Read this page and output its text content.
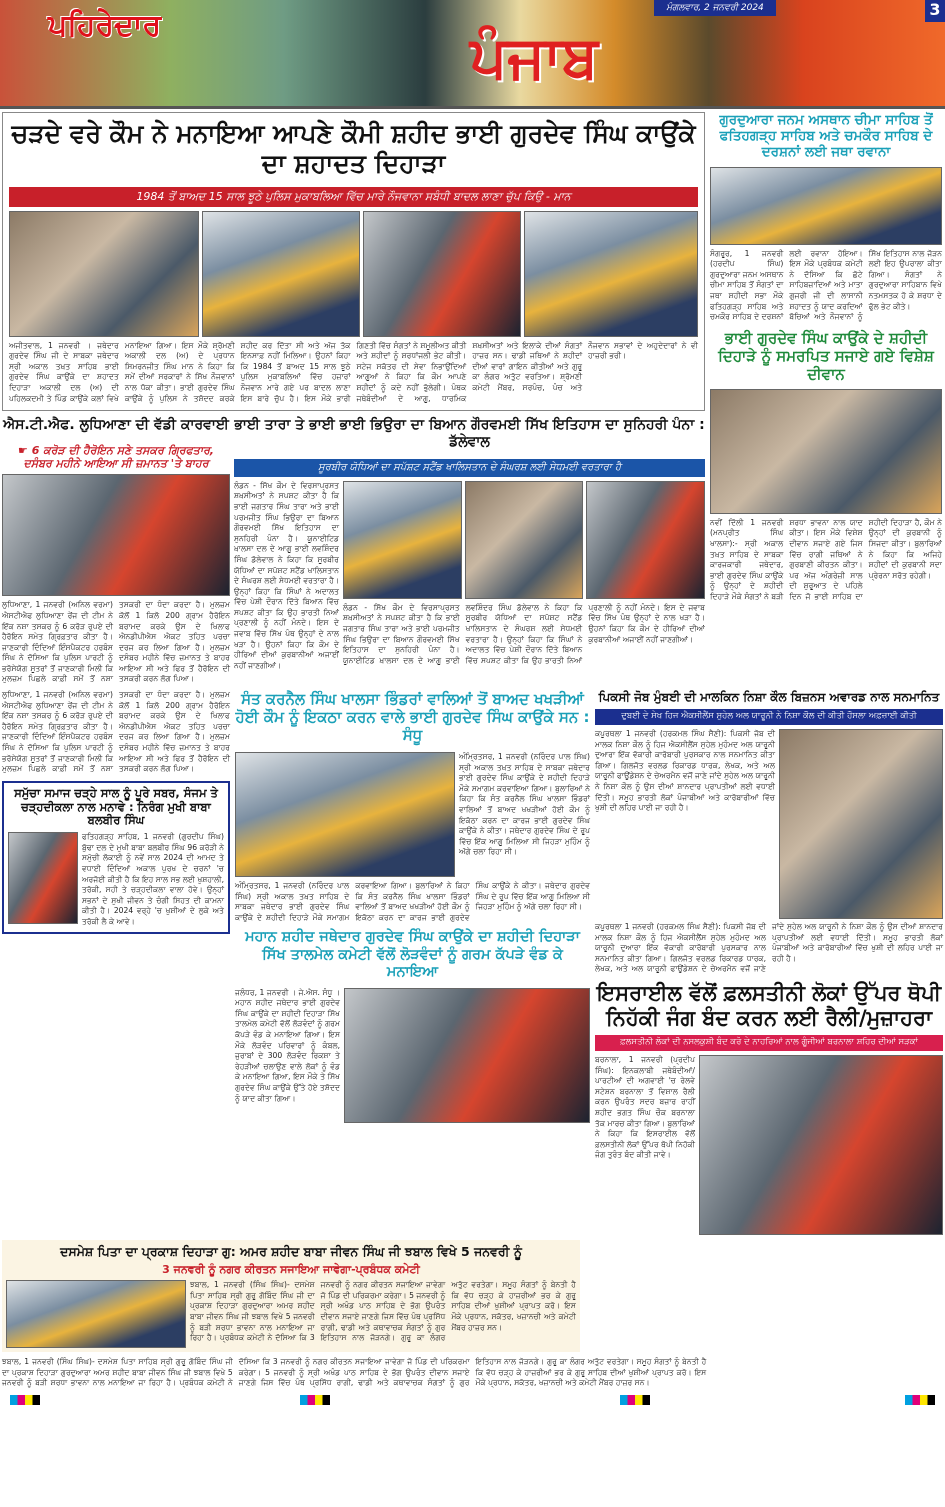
ਪਹਿਰੇਦਾਰ	ਪੰਜਾਬ
ਮੰਗਲਵਾਰ, 2 ਜਨਵਰੀ 2024	3
ਚੜਦੇ ਵਰੇ ਕੌਮ ਨੇ ਮਨਾਇਆ ਆਪਣੇ ਕੌਮੀ ਸ਼ਹੀਦ ਭਾਈ ਗੁਰਦੇਵ ਸਿੰਘ ਕਾਉਂਕੇ ਦਾ ਸ਼ਹਾਦਤ ਦਿਹਾੜਾ
1984 ਤੋਂ ਬਾਅਦ 15 ਸਾਲ ਝੂਠੇ ਪੁਲਿਸ ਮੁਕਾਬਲਿਆ ਵਿੱਚ ਮਾਰੇ ਨੌਜਵਾਨਾ ਸਬੰਧੀ ਬਾਦਲ ਲਾਣਾ ਚੁੱਪ ਕਿਉ - ਮਾਨ
ਅਜੀਤਵਾਲ, 1 ਜਨਵਰੀ । ਜਥੇਦਾਰ ਗੁਰਦੇਵ ਸਿੰਘ ਜੀ ਦੇ ਸਾਬਕਾ ਜਥੇਦਾਰ ਸ੍ਰੀ ਅਕਾਲ ਤਖ਼ਤ ਸਾਹਿਬ ਭਾਈ ਗੁਰਦੇਵ ਸਿੰਘ ਕਾਉਂਕੇ ਦਾ ਸ਼ਹਾਦਤ ਦਿਹਾੜਾ ਅਕਾਲੀ ਦਲ (ਅ) ਦੀ ਪਹਿਲਕਦਮੀ ਤੇ ਪਿੰਡ ਕਾਉਂਕੇ ਕਲਾਂ ਵਿਖੇ ਮਨਾਇਆ ਗਿਆ। ਇਸ ਮੌਕੇ ਸ਼੍ਰੋਮਣੀ ਅਕਾਲੀ ਦਲ (ਅ) ਦੇ ਪ੍ਰਧਾਨ ਸਿਮਰਨਜੀਤ ਸਿੰਘ ਮਾਨ ਨੇ ਕਿਹਾ ਕਿ ਸਮੇਂ ਦੀਆਂ ਸਰਕਾਰਾਂ ਨੇ ਸਿੱਖ ਨੌਜਵਾਨਾਂ ਨਾਲ ਧੱਕਾ ਕੀਤਾ। ਭਾਈ ਗੁਰਦੇਵ ਸਿੰਘ ਕਾਉਂਕੇ ਨੂੰ ਪੁਲਿਸ ਨੇ ਤਸ਼ੱਦਦ ਕਰਕੇ ਸ਼ਹੀਦ ਕਰ ਦਿੱਤਾ ਸੀ ਅਤੇ ਅੱਜ ਤੱਕ ਇਨਸਾਫ਼ ਨਹੀਂ ਮਿਲਿਆ। ਉਹਨਾਂ ਕਿਹਾ ਕਿ 1984 ਤੋਂ ਬਾਅਦ 15 ਸਾਲ ਝੂਠੇ ਪੁਲਿਸ ਮੁਕਾਬਲਿਆਂ ਵਿੱਚ ਹਜ਼ਾਰਾਂ ਨੌਜਵਾਨ ਮਾਰੇ ਗਏ ਪਰ ਬਾਦਲ ਲਾਣਾ ਇਸ ਬਾਰੇ ਚੁੱਪ ਹੈ। ਇਸ ਮੌਕੇ ਭਾਰੀ ਗਿਣਤੀ ਵਿੱਚ ਸੰਗਤਾਂ ਨੇ ਸ਼ਮੂਲੀਅਤ ਕੀਤੀ ਅਤੇ ਸ਼ਹੀਦਾਂ ਨੂੰ ਸ਼ਰਧਾਂਜਲੀ ਭੇਟ ਕੀਤੀ। ਸਟੇਜ ਸਕੱਤਰ ਦੀ ਸੇਵਾ ਨਿਭਾਉਂਦਿਆਂ ਆਗੂਆਂ ਨੇ ਕਿਹਾ ਕਿ ਕੌਮ ਆਪਣੇ ਸ਼ਹੀਦਾਂ ਨੂੰ ਕਦੇ ਨਹੀਂ ਭੁੱਲੇਗੀ। ਪੰਥਕ ਜਥੇਬੰਦੀਆਂ ਦੇ ਆਗੂ, ਧਾਰਮਿਕ ਸ਼ਖ਼ਸੀਅਤਾਂ ਅਤੇ ਇਲਾਕੇ ਦੀਆਂ ਸੰਗਤਾਂ ਹਾਜ਼ਰ ਸਨ। ਢਾਡੀ ਜਥਿਆਂ ਨੇ ਸ਼ਹੀਦਾਂ ਦੀਆਂ ਵਾਰਾਂ ਗਾਇਨ ਕੀਤੀਆਂ ਅਤੇ ਗੁਰੂ ਕਾ ਲੰਗਰ ਅਤੁੱਟ ਵਰਤਿਆ। ਸ਼੍ਰੋਮਣੀ ਕਮੇਟੀ ਮੈਂਬਰ, ਸਰਪੰਚ, ਪੰਚ ਅਤੇ ਨੌਜਵਾਨ ਸਭਾਵਾਂ ਦੇ ਅਹੁਦੇਦਾਰਾਂ ਨੇ ਵੀ ਹਾਜ਼ਰੀ ਭਰੀ।
ਐਸ.ਟੀ.ਐਫ. ਲੁਧਿਆਣਾ ਦੀ ਵੱਡੀ ਕਾਰਵਾਈ
☛ 6 ਕਰੋੜ ਦੀ ਹੈਰੋਇਨ ਸਣੇ ਤਸਕਰ ਗ੍ਰਿਫਤਾਰ, ਦਸੰਬਰ ਮਹੀਨੇ ਆਇਆ ਸੀ ਜ਼ਮਾਨਤ 'ਤੇ ਬਾਹਰ
ਲੁਧਿਆਣਾ, 1 ਜਨਵਰੀ (ਅਨਿਲ ਵਰਮਾ) ਐਸਟੀਐਫ ਲੁਧਿਆਣਾ ਰੇਂਜ ਦੀ ਟੀਮ ਨੇ ਇੱਕ ਨਸ਼ਾ ਤਸਕਰ ਨੂੰ 6 ਕਰੋੜ ਰੁਪਏ ਦੀ ਹੈਰੋਇਨ ਸਮੇਤ ਗ੍ਰਿਫ਼ਤਾਰ ਕੀਤਾ ਹੈ। ਜਾਣਕਾਰੀ ਦਿੰਦਿਆਂ ਇੰਸਪੈਕਟਰ ਹਰਬੰਸ ਸਿੰਘ ਨੇ ਦੱਸਿਆ ਕਿ ਪੁਲਿਸ ਪਾਰਟੀ ਨੂੰ ਭਰੋਸੇਯੋਗ ਸੂਤਰਾਂ ਤੋਂ ਜਾਣਕਾਰੀ ਮਿਲੀ ਕਿ ਮੁਲਜ਼ਮ ਪਿਛਲੇ ਕਾਫ਼ੀ ਸਮੇਂ ਤੋਂ ਨਸ਼ਾ ਤਸਕਰੀ ਦਾ ਧੰਦਾ ਕਰਦਾ ਹੈ। ਮੁਲਜ਼ਮ ਕੋਲੋਂ 1 ਕਿਲੋ 200 ਗ੍ਰਾਮ ਹੈਰੋਇਨ ਬਰਾਮਦ ਕਰਕੇ ਉਸ ਦੇ ਖਿਲਾਫ ਐਨਡੀਪੀਐਸ ਐਕਟ ਤਹਿਤ ਪਰਚਾ ਦਰਜ ਕਰ ਲਿਆ ਗਿਆ ਹੈ। ਮੁਲਜ਼ਮ ਦਸੰਬਰ ਮਹੀਨੇ ਵਿੱਚ ਜ਼ਮਾਨਤ ਤੇ ਬਾਹਰ ਆਇਆ ਸੀ ਅਤੇ ਫਿਰ ਤੋਂ ਹੈਰੋਇਨ ਦੀ ਤਸਕਰੀ ਕਰਨ ਲੱਗ ਪਿਆ।
ਭਾਈ ਤਾਰਾ ਤੇ ਭਾਈ ਭਾਈ ਭਿਉਰਾ ਦਾ ਬਿਆਨ ਗੌਰਵਮਈ ਸਿੱਖ ਇਤਿਹਾਸ ਦਾ ਸੁਨਿਹਰੀ ਪੰਨਾ : ਡੱਲੇਵਾਲ
ਸੂਰਬੀਰ ਯੋਧਿਆਂ ਦਾ ਸਪੱਸ਼ਟ ਸਟੈਂਡ ਖਾਲਿਸਤਾਨ ਦੇ ਸੰਘਰਸ਼ ਲਈ ਸੇਧਮਈ ਵਰਤਾਰਾ ਹੈ
ਲੰਡਨ - ਸਿੱਖ ਕੌਮ ਦੇ ਵਿਰਸਾਪ੍ਰਸਤ ਸ਼ਖ਼ਸੀਅਤਾਂ ਨੇ ਸਪਸ਼ਟ ਕੀਤਾ ਹੈ ਕਿ ਭਾਈ ਜਗਤਾਰ ਸਿੰਘ ਤਾਰਾ ਅਤੇ ਭਾਈ ਪਰਮਜੀਤ ਸਿੰਘ ਭਿਉਰਾ ਦਾ ਬਿਆਨ ਗੌਰਵਮਈ ਸਿੱਖ ਇਤਿਹਾਸ ਦਾ ਸੁਨਹਿਰੀ ਪੰਨਾ ਹੈ। ਯੂਨਾਈਟਿਡ ਖ਼ਾਲਸਾ ਦਲ ਦੇ ਆਗੂ ਭਾਈ ਲਵਸ਼ਿੰਦਰ ਸਿੰਘ ਡੱਲੇਵਾਲ ਨੇ ਕਿਹਾ ਕਿ ਸੂਰਬੀਰ ਯੋਧਿਆਂ ਦਾ ਸਪੱਸ਼ਟ ਸਟੈਂਡ ਖਾਲਿਸਤਾਨ ਦੇ ਸੰਘਰਸ਼ ਲਈ ਸੇਧਮਈ ਵਰਤਾਰਾ ਹੈ। ਉਨ੍ਹਾਂ ਕਿਹਾ ਕਿ ਸਿੰਘਾਂ ਨੇ ਅਦਾਲਤ ਵਿੱਚ ਪੇਸ਼ੀ ਦੌਰਾਨ ਦਿੱਤੇ ਬਿਆਨ ਵਿੱਚ ਸਪਸ਼ਟ ਕੀਤਾ ਕਿ ਉਹ ਭਾਰਤੀ ਨਿਆਂ ਪ੍ਰਣਾਲੀ ਨੂੰ ਨਹੀਂ ਮੰਨਦੇ। ਇਸ ਦੇ ਜਵਾਬ ਵਿੱਚ ਸਿੱਖ ਪੰਥ ਉਨ੍ਹਾਂ ਦੇ ਨਾਲ ਖੜਾ ਹੈ। ਉਹਨਾਂ ਕਿਹਾ ਕਿ ਕੌਮ ਦੇ ਹੀਰਿਆਂ ਦੀਆਂ ਕੁਰਬਾਨੀਆਂ ਅਜਾਈਂ ਨਹੀਂ ਜਾਣਗੀਆਂ।
ਲੰਡਨ - ਸਿੱਖ ਕੌਮ ਦੇ ਵਿਰਸਾਪ੍ਰਸਤ ਸ਼ਖ਼ਸੀਅਤਾਂ ਨੇ ਸਪਸ਼ਟ ਕੀਤਾ ਹੈ ਕਿ ਭਾਈ ਜਗਤਾਰ ਸਿੰਘ ਤਾਰਾ ਅਤੇ ਭਾਈ ਪਰਮਜੀਤ ਸਿੰਘ ਭਿਉਰਾ ਦਾ ਬਿਆਨ ਗੌਰਵਮਈ ਸਿੱਖ ਇਤਿਹਾਸ ਦਾ ਸੁਨਹਿਰੀ ਪੰਨਾ ਹੈ। ਯੂਨਾਈਟਿਡ ਖ਼ਾਲਸਾ ਦਲ ਦੇ ਆਗੂ ਭਾਈ ਲਵਸ਼ਿੰਦਰ ਸਿੰਘ ਡੱਲੇਵਾਲ ਨੇ ਕਿਹਾ ਕਿ ਸੂਰਬੀਰ ਯੋਧਿਆਂ ਦਾ ਸਪੱਸ਼ਟ ਸਟੈਂਡ ਖਾਲਿਸਤਾਨ ਦੇ ਸੰਘਰਸ਼ ਲਈ ਸੇਧਮਈ ਵਰਤਾਰਾ ਹੈ। ਉਨ੍ਹਾਂ ਕਿਹਾ ਕਿ ਸਿੰਘਾਂ ਨੇ ਅਦਾਲਤ ਵਿੱਚ ਪੇਸ਼ੀ ਦੌਰਾਨ ਦਿੱਤੇ ਬਿਆਨ ਵਿੱਚ ਸਪਸ਼ਟ ਕੀਤਾ ਕਿ ਉਹ ਭਾਰਤੀ ਨਿਆਂ ਪ੍ਰਣਾਲੀ ਨੂੰ ਨਹੀਂ ਮੰਨਦੇ। ਇਸ ਦੇ ਜਵਾਬ ਵਿੱਚ ਸਿੱਖ ਪੰਥ ਉਨ੍ਹਾਂ ਦੇ ਨਾਲ ਖੜਾ ਹੈ। ਉਹਨਾਂ ਕਿਹਾ ਕਿ ਕੌਮ ਦੇ ਹੀਰਿਆਂ ਦੀਆਂ ਕੁਰਬਾਨੀਆਂ ਅਜਾਈਂ ਨਹੀਂ ਜਾਣਗੀਆਂ।
ਗੁਰਦੁਆਰਾ ਜਨਮ ਅਸਥਾਨ ਚੀਮਾ ਸਾਹਿਬ ਤੋਂ ਫਤਿਹਗੜ੍ਹ ਸਾਹਿਬ ਅਤੇ ਚਮਕੌਰ ਸਾਹਿਬ ਦੇ ਦਰਸ਼ਨਾਂ ਲਈ ਜਥਾ ਰਵਾਨਾ
ਸੰਗਰੂਰ, 1 ਜਨਵਰੀ (ਹਰਦੀਪ ਸਿੰਘ) ਗੁਰਦੁਆਰਾ ਜਨਮ ਅਸਥਾਨ ਚੀਮਾ ਸਾਹਿਬ ਤੋਂ ਸੰਗਤਾਂ ਦਾ ਜਥਾ ਸ਼ਹੀਦੀ ਸਭਾ ਮੌਕੇ ਫਤਿਹਗੜ੍ਹ ਸਾਹਿਬ ਅਤੇ ਚਮਕੌਰ ਸਾਹਿਬ ਦੇ ਦਰਸ਼ਨਾਂ ਲਈ ਰਵਾਨਾ ਹੋਇਆ। ਇਸ ਮੌਕੇ ਪ੍ਰਬੰਧਕ ਕਮੇਟੀ ਨੇ ਦੱਸਿਆ ਕਿ ਛੋਟੇ ਸਾਹਿਬਜ਼ਾਦਿਆਂ ਅਤੇ ਮਾਤਾ ਗੁਜਰੀ ਜੀ ਦੀ ਲਾਸਾਨੀ ਸ਼ਹਾਦਤ ਨੂੰ ਯਾਦ ਕਰਦਿਆਂ ਬੱਚਿਆਂ ਅਤੇ ਨੌਜਵਾਨਾਂ ਨੂੰ ਸਿੱਖ ਇਤਿਹਾਸ ਨਾਲ ਜੋੜਨ ਲਈ ਇਹ ਉਪਰਾਲਾ ਕੀਤਾ ਗਿਆ। ਸੰਗਤਾਂ ਨੇ ਗੁਰਦੁਆਰਾ ਸਾਹਿਬਾਨ ਵਿਖੇ ਨਤਮਸਤਕ ਹੋ ਕੇ ਸ਼ਰਧਾ ਦੇ ਫੁੱਲ ਭੇਟ ਕੀਤੇ।
ਭਾਈ ਗੁਰਦੇਵ ਸਿੰਘ ਕਾਉਂਕੇ ਦੇ ਸ਼ਹੀਦੀ ਦਿਹਾੜੇ ਨੂੰ ਸਮਰਪਿਤ ਸਜਾਏ ਗਏ ਵਿਸ਼ੇਸ਼ ਦੀਵਾਨ
ਨਵੀਂ ਦਿੱਲੀ 1 ਜਨਵਰੀ (ਮਨਪ੍ਰੀਤ ਸਿੰਘ ਖਾਲਸਾ):- ਸ੍ਰੀ ਅਕਾਲ ਤਖ਼ਤ ਸਾਹਿਬ ਦੇ ਸਾਬਕਾ ਕਾਰਜਕਾਰੀ ਜਥੇਦਾਰ, ਭਾਈ ਗੁਰਦੇਵ ਸਿੰਘ ਕਾਉਂਕੇ ਨੂੰ ਉਨ੍ਹਾਂ ਦੇ ਸ਼ਹੀਦੀ ਦਿਹਾੜੇ ਮੌਕੇ ਸੰਗਤਾਂ ਨੇ ਬੜੀ ਸ਼ਰਧਾ ਭਾਵਨਾ ਨਾਲ ਯਾਦ ਕੀਤਾ। ਇਸ ਮੌਕੇ ਵਿਸ਼ੇਸ਼ ਦੀਵਾਨ ਸਜਾਏ ਗਏ ਜਿਸ ਵਿੱਚ ਰਾਗੀ ਜਥਿਆਂ ਨੇ ਗੁਰਬਾਣੀ ਕੀਰਤਨ ਕੀਤਾ। ਪਰ ਅੱਜ ਅੰਗਰੇਜ਼ੀ ਸਾਲ ਦੀ ਸ਼ੁਰੂਆਤ ਦੇ ਪਹਿਲੇ ਦਿਨ ਜੋ ਭਾਈ ਸਾਹਿਬ ਦਾ ਸ਼ਹੀਦੀ ਦਿਹਾੜਾ ਹੈ, ਕੌਮ ਨੇ ਉਨ੍ਹਾਂ ਦੀ ਕੁਰਬਾਨੀ ਨੂੰ ਸਿਜਦਾ ਕੀਤਾ। ਬੁਲਾਰਿਆਂ ਨੇ ਕਿਹਾ ਕਿ ਅਜਿਹੇ ਸ਼ਹੀਦਾਂ ਦੀ ਕੁਰਬਾਨੀ ਸਦਾ ਪ੍ਰੇਰਨਾ ਸਰੋਤ ਰਹੇਗੀ।
ਲੁਧਿਆਣਾ, 1 ਜਨਵਰੀ (ਅਨਿਲ ਵਰਮਾ) ਐਸਟੀਐਫ ਲੁਧਿਆਣਾ ਰੇਂਜ ਦੀ ਟੀਮ ਨੇ ਇੱਕ ਨਸ਼ਾ ਤਸਕਰ ਨੂੰ 6 ਕਰੋੜ ਰੁਪਏ ਦੀ ਹੈਰੋਇਨ ਸਮੇਤ ਗ੍ਰਿਫ਼ਤਾਰ ਕੀਤਾ ਹੈ। ਜਾਣਕਾਰੀ ਦਿੰਦਿਆਂ ਇੰਸਪੈਕਟਰ ਹਰਬੰਸ ਸਿੰਘ ਨੇ ਦੱਸਿਆ ਕਿ ਪੁਲਿਸ ਪਾਰਟੀ ਨੂੰ ਭਰੋਸੇਯੋਗ ਸੂਤਰਾਂ ਤੋਂ ਜਾਣਕਾਰੀ ਮਿਲੀ ਕਿ ਮੁਲਜ਼ਮ ਪਿਛਲੇ ਕਾਫ਼ੀ ਸਮੇਂ ਤੋਂ ਨਸ਼ਾ ਤਸਕਰੀ ਦਾ ਧੰਦਾ ਕਰਦਾ ਹੈ। ਮੁਲਜ਼ਮ ਕੋਲੋਂ 1 ਕਿਲੋ 200 ਗ੍ਰਾਮ ਹੈਰੋਇਨ ਬਰਾਮਦ ਕਰਕੇ ਉਸ ਦੇ ਖਿਲਾਫ ਐਨਡੀਪੀਐਸ ਐਕਟ ਤਹਿਤ ਪਰਚਾ ਦਰਜ ਕਰ ਲਿਆ ਗਿਆ ਹੈ। ਮੁਲਜ਼ਮ ਦਸੰਬਰ ਮਹੀਨੇ ਵਿੱਚ ਜ਼ਮਾਨਤ ਤੇ ਬਾਹਰ ਆਇਆ ਸੀ ਅਤੇ ਫਿਰ ਤੋਂ ਹੈਰੋਇਨ ਦੀ ਤਸਕਰੀ ਕਰਨ ਲੱਗ ਪਿਆ।
ਸਮੁੱਚਾ ਸਮਾਜ ਚੜ੍ਹੇ ਸਾਲ ਨੂੰ ਪੂਰੇ ਸਬਰ, ਸੰਜਮ ਤੇ ਚੜ੍ਹਦੀਕਲਾ ਨਾਲ ਮਨਾਵੇ : ਨਿਰੰਗ ਮੁਖੀ ਬਾਬਾ ਬਲਬੀਰ ਸਿੰਘ
ਫਤਿਹਗੜ੍ਹ ਸਾਹਿਬ, 1 ਜਨਵਰੀ (ਗੁਰਦੀਪ ਸਿੰਘ) ਬੁੱਢਾ ਦਲ ਦੇ ਮੁਖੀ ਬਾਬਾ ਬਲਬੀਰ ਸਿੰਘ 96 ਕਰੋੜੀ ਨੇ ਸਮੁੱਚੀ ਲੋਕਾਈ ਨੂੰ ਨਵੇਂ ਸਾਲ 2024 ਦੀ ਆਮਦ ਤੇ ਵਧਾਈ ਦਿੰਦਿਆਂ ਅਕਾਲ ਪੁਰਖ ਦੇ ਚਰਨਾਂ 'ਚ ਅਰਜੋਈ ਕੀਤੀ ਹੈ ਕਿ ਇਹ ਸਾਲ ਸਭ ਲਈ ਖੁਸ਼ਹਾਲੀ, ਤਰੱਕੀ, ਸਹੀ ਤੇ ਚੜ੍ਹਦੀਕਲਾ ਵਾਲਾ ਹੋਵੇ। ਉਨ੍ਹਾਂ ਸਭਨਾਂ ਦੇ ਸੁਖੀ ਜੀਵਨ ਤੇ ਚੰਗੀ ਸਿਹਤ ਦੀ ਕਾਮਨਾ ਕੀਤੀ ਹੈ। 2024 ਵਰ੍ਹੇ 'ਚ ਖੁਸ਼ੀਆਂ ਦੇ ਲੁਕੇ ਅਤੇ ਤਰੱਕੀ ਲੈ ਕੇ ਆਵੇ।
ਸੰਤ ਕਰਨੈਲ ਸਿੰਘ ਖਾਲਸਾ ਭਿੰਡਰਾਂ ਵਾਲਿਆਂ ਤੋਂ ਬਾਅਦ ਖਖੜੀਆਂ ਹੋਈ ਕੌਮ ਨੂੰ ਇਕਠਾ ਕਰਨ ਵਾਲੇ ਭਾਈ ਗੁਰਦੇਵ ਸਿੰਘ ਕਾਉਂਕੇ ਸਨ : ਸੰਧੂ
ਅੰਮ੍ਰਿਤਸਰ, 1 ਜਨਵਰੀ (ਨਰਿੰਦਰ ਪਾਲ ਸਿੰਘ) ਸ੍ਰੀ ਅਕਾਲ ਤਖ਼ਤ ਸਾਹਿਬ ਦੇ ਸਾਬਕਾ ਜਥੇਦਾਰ ਭਾਈ ਗੁਰਦੇਵ ਸਿੰਘ ਕਾਉਂਕੇ ਦੇ ਸ਼ਹੀਦੀ ਦਿਹਾੜੇ ਮੌਕੇ ਸਮਾਗਮ ਕਰਵਾਇਆ ਗਿਆ। ਬੁਲਾਰਿਆਂ ਨੇ ਕਿਹਾ ਕਿ ਸੰਤ ਕਰਨੈਲ ਸਿੰਘ ਖਾਲਸਾ ਭਿੰਡਰਾਂ ਵਾਲਿਆਂ ਤੋਂ ਬਾਅਦ ਖਖੜੀਆਂ ਹੋਈ ਕੌਮ ਨੂੰ ਇਕੱਠਾ ਕਰਨ ਦਾ ਕਾਰਜ ਭਾਈ ਗੁਰਦੇਵ ਸਿੰਘ ਕਾਉਂਕੇ ਨੇ ਕੀਤਾ। ਜਥੇਦਾਰ ਗੁਰਦੇਵ ਸਿੰਘ ਦੇ ਰੂਪ ਵਿੱਚ ਇੱਕ ਆਗੂ ਮਿਲਿਆ ਸੀ ਜਿਹੜਾ ਮੁਹਿੰਮ ਨੂੰ ਅੱਗੇ ਚਲਾ ਰਿਹਾ ਸੀ।
ਅੰਮ੍ਰਿਤਸਰ, 1 ਜਨਵਰੀ (ਨਰਿੰਦਰ ਪਾਲ ਸਿੰਘ) ਸ੍ਰੀ ਅਕਾਲ ਤਖ਼ਤ ਸਾਹਿਬ ਦੇ ਸਾਬਕਾ ਜਥੇਦਾਰ ਭਾਈ ਗੁਰਦੇਵ ਸਿੰਘ ਕਾਉਂਕੇ ਦੇ ਸ਼ਹੀਦੀ ਦਿਹਾੜੇ ਮੌਕੇ ਸਮਾਗਮ ਕਰਵਾਇਆ ਗਿਆ। ਬੁਲਾਰਿਆਂ ਨੇ ਕਿਹਾ ਕਿ ਸੰਤ ਕਰਨੈਲ ਸਿੰਘ ਖਾਲਸਾ ਭਿੰਡਰਾਂ ਵਾਲਿਆਂ ਤੋਂ ਬਾਅਦ ਖਖੜੀਆਂ ਹੋਈ ਕੌਮ ਨੂੰ ਇਕੱਠਾ ਕਰਨ ਦਾ ਕਾਰਜ ਭਾਈ ਗੁਰਦੇਵ ਸਿੰਘ ਕਾਉਂਕੇ ਨੇ ਕੀਤਾ। ਜਥੇਦਾਰ ਗੁਰਦੇਵ ਸਿੰਘ ਦੇ ਰੂਪ ਵਿੱਚ ਇੱਕ ਆਗੂ ਮਿਲਿਆ ਸੀ ਜਿਹੜਾ ਮੁਹਿੰਮ ਨੂੰ ਅੱਗੇ ਚਲਾ ਰਿਹਾ ਸੀ।
ਮਹਾਨ ਸ਼ਹੀਦ ਜਥੇਦਾਰ ਗੁਰਦੇਵ ਸਿੰਘ ਕਾਉਂਕੇ ਦਾ ਸ਼ਹੀਦੀ ਦਿਹਾੜਾ ਸਿੱਖ ਤਾਲਮੇਲ ਕਮੇਟੀ ਵੱਲੋਂ ਲੋੜਵੰਦਾਂ ਨੂੰ ਗਰਮ ਕੱਪੜੇ ਵੰਡ ਕੇ ਮਨਾਇਆ
ਜਲੰਧਰ, 1 ਜਨਵਰੀ । ਜੇ.ਐਸ. ਸੰਧੂ । ਮਹਾਨ ਸ਼ਹੀਦ ਜਥੇਦਾਰ ਭਾਈ ਗੁਰਦੇਵ ਸਿੰਘ ਕਾਉਂਕੇ ਦਾ ਸ਼ਹੀਦੀ ਦਿਹਾੜਾ ਸਿੱਖ ਤਾਲਮੇਲ ਕਮੇਟੀ ਵੱਲੋਂ ਲੋੜਵੰਦਾਂ ਨੂੰ ਗਰਮ ਕੱਪੜੇ ਵੰਡ ਕੇ ਮਨਾਇਆ ਗਿਆ। ਇਸ ਮੌਕੇ ਲੋੜਵੰਦ ਪਰਿਵਾਰਾਂ ਨੂੰ ਕੰਬਲ, ਜੁਰਾਬਾਂ ਦੇ 300 ਲੋੜਵੰਦ ਰਿਕਸ਼ਾ ਤੇ ਰੇਹੜੀਆਂ ਚਲਾਉਣ ਵਾਲੇ ਲੋਕਾਂ ਨੂੰ ਵੰਡ ਕੇ ਮਨਾਇਆ ਗਿਆ, ਇਸ ਮੌਕੇ ਤੇ ਸਿੱਖ ਗੁਰਦੇਵ ਸਿੰਘ ਕਾਉਂਕੇ ਉੱਤੇ ਹੋਏ ਤਸ਼ੱਦਦ ਨੂੰ ਯਾਦ ਕੀਤਾ ਗਿਆ।
ਪਿਕਸੀ ਜੋਬ ਮੁੰਬਈ ਦੀ ਮਾਲਕਿਨ ਨਿਸ਼ਾ ਕੌਲ ਬਿਜ਼ਨਸ ਅਵਾਰਡ ਨਾਲ ਸਨਮਾਨਿਤ
ਦੁਬਈ ਦੇ ਸੇਖ ਹਿਜ ਐਕਸੀਲੈਂਸ ਸੁਹੇਲ ਅਲ ਯਾਰੂਨੀ ਨੇ ਨਿਸ਼ਾ ਕੌਲ ਦੀ ਕੀਤੀ ਹੌਸਲਾ ਅਫ਼ਜ਼ਾਈ ਕੀਤੀ
ਕਪੂਰਥਲਾ 1 ਜਨਵਰੀ (ਹਰਕਮਲ ਸਿੰਘ ਸੈਣੀ): ਪਿਕਸੀ ਜੋਬ ਦੀ ਮਾਲਕ ਨਿਸ਼ਾ ਕੌਲ ਨੂੰ ਹਿਜ ਐਕਸੀਲੈਂਸ ਸੁਹੇਲ ਮੁਹੰਮਦ ਅਲ ਯਾਰੂਨੀ ਦੁਆਰਾ ਇੱਕ ਵੱਕਾਰੀ ਕਾਰੋਬਾਰੀ ਪੁਰਸਕਾਰ ਨਾਲ ਸਨਮਾਨਿਤ ਕੀਤਾ ਗਿਆ। ਗਿਲਜੋਤ ਵਰਲਡ ਰਿਕਾਰਡ ਧਾਰਕ, ਲੇਖਕ, ਅਤੇ ਅਲ ਯਾਰੂਨੀ ਫਾਊਂਡੇਸ਼ਨ ਦੇ ਚੇਅਰਮੈਨ ਵਜੋਂ ਜਾਣੇ ਜਾਂਦੇ ਸੁਹੇਲ ਅਲ ਯਾਰੂਨੀ ਨੇ ਨਿਸ਼ਾ ਕੌਲ ਨੂੰ ਉਸ ਦੀਆਂ ਸ਼ਾਨਦਾਰ ਪ੍ਰਾਪਤੀਆਂ ਲਈ ਵਧਾਈ ਦਿੱਤੀ। ਸਮੂਹ ਭਾਰਤੀ ਲੋਕਾਂ ਪੰਜਾਬੀਆਂ ਅਤੇ ਕਾਰੋਬਾਰੀਆਂ ਵਿੱਚ ਖੁਸ਼ੀ ਦੀ ਲਹਿਰ ਪਾਈ ਜਾ ਰਹੀ ਹੈ।
ਕਪੂਰਥਲਾ 1 ਜਨਵਰੀ (ਹਰਕਮਲ ਸਿੰਘ ਸੈਣੀ): ਪਿਕਸੀ ਜੋਬ ਦੀ ਮਾਲਕ ਨਿਸ਼ਾ ਕੌਲ ਨੂੰ ਹਿਜ ਐਕਸੀਲੈਂਸ ਸੁਹੇਲ ਮੁਹੰਮਦ ਅਲ ਯਾਰੂਨੀ ਦੁਆਰਾ ਇੱਕ ਵੱਕਾਰੀ ਕਾਰੋਬਾਰੀ ਪੁਰਸਕਾਰ ਨਾਲ ਸਨਮਾਨਿਤ ਕੀਤਾ ਗਿਆ। ਗਿਲਜੋਤ ਵਰਲਡ ਰਿਕਾਰਡ ਧਾਰਕ, ਲੇਖਕ, ਅਤੇ ਅਲ ਯਾਰੂਨੀ ਫਾਊਂਡੇਸ਼ਨ ਦੇ ਚੇਅਰਮੈਨ ਵਜੋਂ ਜਾਣੇ ਜਾਂਦੇ ਸੁਹੇਲ ਅਲ ਯਾਰੂਨੀ ਨੇ ਨਿਸ਼ਾ ਕੌਲ ਨੂੰ ਉਸ ਦੀਆਂ ਸ਼ਾਨਦਾਰ ਪ੍ਰਾਪਤੀਆਂ ਲਈ ਵਧਾਈ ਦਿੱਤੀ। ਸਮੂਹ ਭਾਰਤੀ ਲੋਕਾਂ ਪੰਜਾਬੀਆਂ ਅਤੇ ਕਾਰੋਬਾਰੀਆਂ ਵਿੱਚ ਖੁਸ਼ੀ ਦੀ ਲਹਿਰ ਪਾਈ ਜਾ ਰਹੀ ਹੈ।
ਇਸਰਾਈਲ ਵੱਲੋਂ ਫ਼ਲਸਤੀਨੀ ਲੋਕਾਂ ਉੱਪਰ ਥੋਪੀ ਨਿਹੱਕੀ ਜੰਗ ਬੰਦ ਕਰਨ ਲਈ ਰੈਲੀ/ਮੁਜ਼ਾਹਰਾ
ਫ਼ਲਸਤੀਨੀ ਲੋਕਾਂ ਦੀ ਨਸਲਕੁਸ਼ੀ ਬੰਦ ਕਰੋ ਦੇ ਨਾਹਰਿਆਂ ਨਾਲ ਗੂੰਜੀਆਂ ਬਰਨਾਲਾ ਸ਼ਹਿਰ ਦੀਆਂ ਸੜਕਾਂ
ਬਰਨਾਲਾ, 1 ਜਨਵਰੀ (ਪ੍ਰਦੀਪ ਸਿੰਘ): ਇਨਕਲਾਬੀ ਜਥੇਬੰਦੀਆਂ/ਪਾਰਟੀਆਂ ਦੀ ਅਗਵਾਈ 'ਚ ਰੇਲਵੇ ਸਟੇਸ਼ਨ ਬਰਨਾਲਾ ਤੋਂ ਵਿਸ਼ਾਲ ਰੈਲੀ ਕਰਨ ਉਪਰੰਤ ਸਦਰ ਬਜ਼ਾਰ ਰਾਹੀਂ ਸ਼ਹੀਦ ਭਗਤ ਸਿੰਘ ਚੌਕ ਬਰਨਾਲਾ ਤੱਕ ਮਾਰਚ ਕੀਤਾ ਗਿਆ। ਬੁਲਾਰਿਆਂ ਨੇ ਕਿਹਾ ਕਿ ਇਸਰਾਈਲ ਵੱਲੋਂ ਫ਼ਲਸਤੀਨੀ ਲੋਕਾਂ ਉੱਪਰ ਥੋਪੀ ਨਿਹੱਕੀ ਜੰਗ ਤੁਰੰਤ ਬੰਦ ਕੀਤੀ ਜਾਵੇ।
ਦਸਮੇਸ਼ ਪਿਤਾ ਦਾ ਪ੍ਰਕਾਸ਼ ਦਿਹਾੜਾ ਗੁ: ਅਮਰ ਸ਼ਹੀਦ ਬਾਬਾ ਜੀਵਨ ਸਿੰਘ ਜੀ ਝਬਾਲ ਵਿਖੇ 5 ਜਨਵਰੀ ਨੂੰ
3 ਜਨਵਰੀ ਨੂੰ ਨਗਰ ਕੀਰਤਨ ਸਜਾਇਆ ਜਾਵੇਗਾ-ਪ੍ਰਬੰਧਕ ਕਮੇਟੀ
ਝਬਾਲ, 1 ਜਨਵਰੀ (ਸਿੰਘ ਸਿੰਘ)- ਦਸਮੇਸ਼ ਪਿਤਾ ਸਾਹਿਬ ਸ੍ਰੀ ਗੁਰੂ ਗੋਬਿੰਦ ਸਿੰਘ ਜੀ ਦਾ ਪ੍ਰਕਾਸ਼ ਦਿਹਾੜਾ ਗੁਰਦੁਆਰਾ ਅਮਰ ਸ਼ਹੀਦ ਬਾਬਾ ਜੀਵਨ ਸਿੰਘ ਜੀ ਝਬਾਲ ਵਿਖੇ 5 ਜਨਵਰੀ ਨੂੰ ਬੜੀ ਸ਼ਰਧਾ ਭਾਵਨਾ ਨਾਲ ਮਨਾਇਆ ਜਾ ਰਿਹਾ ਹੈ। ਪ੍ਰਬੰਧਕ ਕਮੇਟੀ ਨੇ ਦੱਸਿਆ ਕਿ 3 ਜਨਵਰੀ ਨੂੰ ਨਗਰ ਕੀਰਤਨ ਸਜਾਇਆ ਜਾਵੇਗਾ ਜੋ ਪਿੰਡ ਦੀ ਪਰਿਕਰਮਾ ਕਰੇਗਾ। 5 ਜਨਵਰੀ ਨੂੰ ਸ੍ਰੀ ਅਖੰਡ ਪਾਠ ਸਾਹਿਬ ਦੇ ਭੋਗ ਉਪਰੰਤ ਦੀਵਾਨ ਸਜਾਏ ਜਾਣਗੇ ਜਿਸ ਵਿੱਚ ਪੰਥ ਪ੍ਰਸਿੱਧ ਰਾਗੀ, ਢਾਡੀ ਅਤੇ ਕਥਾਵਾਚਕ ਸੰਗਤਾਂ ਨੂੰ ਗੁਰ ਇਤਿਹਾਸ ਨਾਲ ਜੋੜਨਗੇ। ਗੁਰੂ ਕਾ ਲੰਗਰ ਅਤੁੱਟ ਵਰਤੇਗਾ। ਸਮੂਹ ਸੰਗਤਾਂ ਨੂੰ ਬੇਨਤੀ ਹੈ ਕਿ ਵੱਧ ਚੜ੍ਹ ਕੇ ਹਾਜ਼ਰੀਆਂ ਭਰ ਕੇ ਗੁਰੂ ਸਾਹਿਬ ਦੀਆਂ ਖੁਸ਼ੀਆਂ ਪ੍ਰਾਪਤ ਕਰੋ। ਇਸ ਮੌਕੇ ਪ੍ਰਧਾਨ, ਸਕੱਤਰ, ਖਜ਼ਾਨਚੀ ਅਤੇ ਕਮੇਟੀ ਮੈਂਬਰ ਹਾਜ਼ਰ ਸਨ।
ਝਬਾਲ, 1 ਜਨਵਰੀ (ਸਿੰਘ ਸਿੰਘ)- ਦਸਮੇਸ਼ ਪਿਤਾ ਸਾਹਿਬ ਸ੍ਰੀ ਗੁਰੂ ਗੋਬਿੰਦ ਸਿੰਘ ਜੀ ਦਾ ਪ੍ਰਕਾਸ਼ ਦਿਹਾੜਾ ਗੁਰਦੁਆਰਾ ਅਮਰ ਸ਼ਹੀਦ ਬਾਬਾ ਜੀਵਨ ਸਿੰਘ ਜੀ ਝਬਾਲ ਵਿਖੇ 5 ਜਨਵਰੀ ਨੂੰ ਬੜੀ ਸ਼ਰਧਾ ਭਾਵਨਾ ਨਾਲ ਮਨਾਇਆ ਜਾ ਰਿਹਾ ਹੈ। ਪ੍ਰਬੰਧਕ ਕਮੇਟੀ ਨੇ ਦੱਸਿਆ ਕਿ 3 ਜਨਵਰੀ ਨੂੰ ਨਗਰ ਕੀਰਤਨ ਸਜਾਇਆ ਜਾਵੇਗਾ ਜੋ ਪਿੰਡ ਦੀ ਪਰਿਕਰਮਾ ਕਰੇਗਾ। 5 ਜਨਵਰੀ ਨੂੰ ਸ੍ਰੀ ਅਖੰਡ ਪਾਠ ਸਾਹਿਬ ਦੇ ਭੋਗ ਉਪਰੰਤ ਦੀਵਾਨ ਸਜਾਏ ਜਾਣਗੇ ਜਿਸ ਵਿੱਚ ਪੰਥ ਪ੍ਰਸਿੱਧ ਰਾਗੀ, ਢਾਡੀ ਅਤੇ ਕਥਾਵਾਚਕ ਸੰਗਤਾਂ ਨੂੰ ਗੁਰ ਇਤਿਹਾਸ ਨਾਲ ਜੋੜਨਗੇ। ਗੁਰੂ ਕਾ ਲੰਗਰ ਅਤੁੱਟ ਵਰਤੇਗਾ। ਸਮੂਹ ਸੰਗਤਾਂ ਨੂੰ ਬੇਨਤੀ ਹੈ ਕਿ ਵੱਧ ਚੜ੍ਹ ਕੇ ਹਾਜ਼ਰੀਆਂ ਭਰ ਕੇ ਗੁਰੂ ਸਾਹਿਬ ਦੀਆਂ ਖੁਸ਼ੀਆਂ ਪ੍ਰਾਪਤ ਕਰੋ। ਇਸ ਮੌਕੇ ਪ੍ਰਧਾਨ, ਸਕੱਤਰ, ਖਜ਼ਾਨਚੀ ਅਤੇ ਕਮੇਟੀ ਮੈਂਬਰ ਹਾਜ਼ਰ ਸਨ।
